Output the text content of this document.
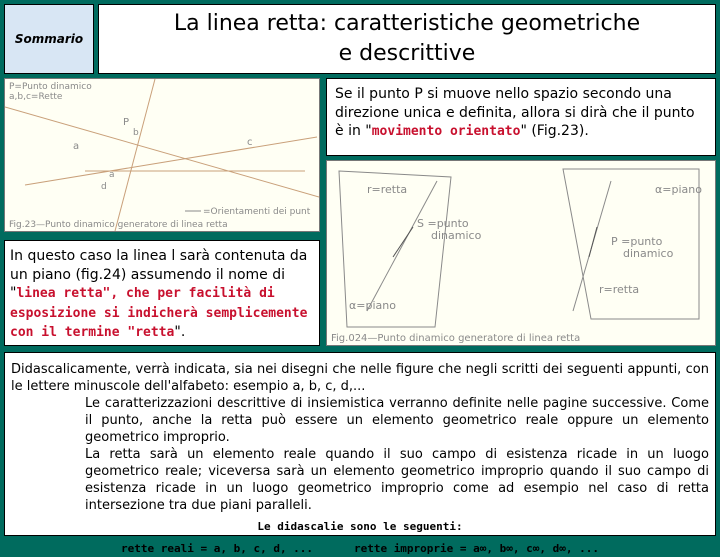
Sommario
La linea retta: caratteristiche geometriche
e descrittive
P=Punto dinamico
a,b,c=Rette
P
b
a	c
a
d
=Orientamenti dei punt
Fig.23—Punto dinamico generatore di linea retta
Se il punto P si muove nello spazio secondo una direzione unica e definita, allora si dirà che il punto è in "movimento orientato" (Fig.23).
r=retta
S =punto
dinamico
α=piano
α=piano
P =punto
dinamico
r=retta
Fig.024—Punto dinamico generatore di linea retta
In questo caso la linea l sarà contenuta da un piano (fig.24) assumendo il nome di "linea retta", che per facilità di esposizione si indicherà semplicemente con il termine "retta".

Didascalicamente, verrà indicata, sia nei disegni che nelle figure che negli scritti dei seguenti appunti, con le lettere minuscole dell'alfabeto: esempio a, b, c, d,...

Le caratterizzazioni descrittive di insiemistica verranno definite nelle pagine successive. Come il punto, anche la retta può essere un elemento geometrico reale oppure un elemento geometrico improprio.

La retta sarà un elemento reale quando il suo campo di esistenza ricade in un luogo geometrico reale; viceversa sarà un elemento geometrico improprio quando il suo campo di esistenza ricade in un luogo geometrico improprio come ad esempio nel caso di retta intersezione tra due piani paralleli.

Le didascalie sono le seguenti:
rette reali = a, b, c, d, ...	rette improprie = a∞, b∞, c∞, d∞, ...
